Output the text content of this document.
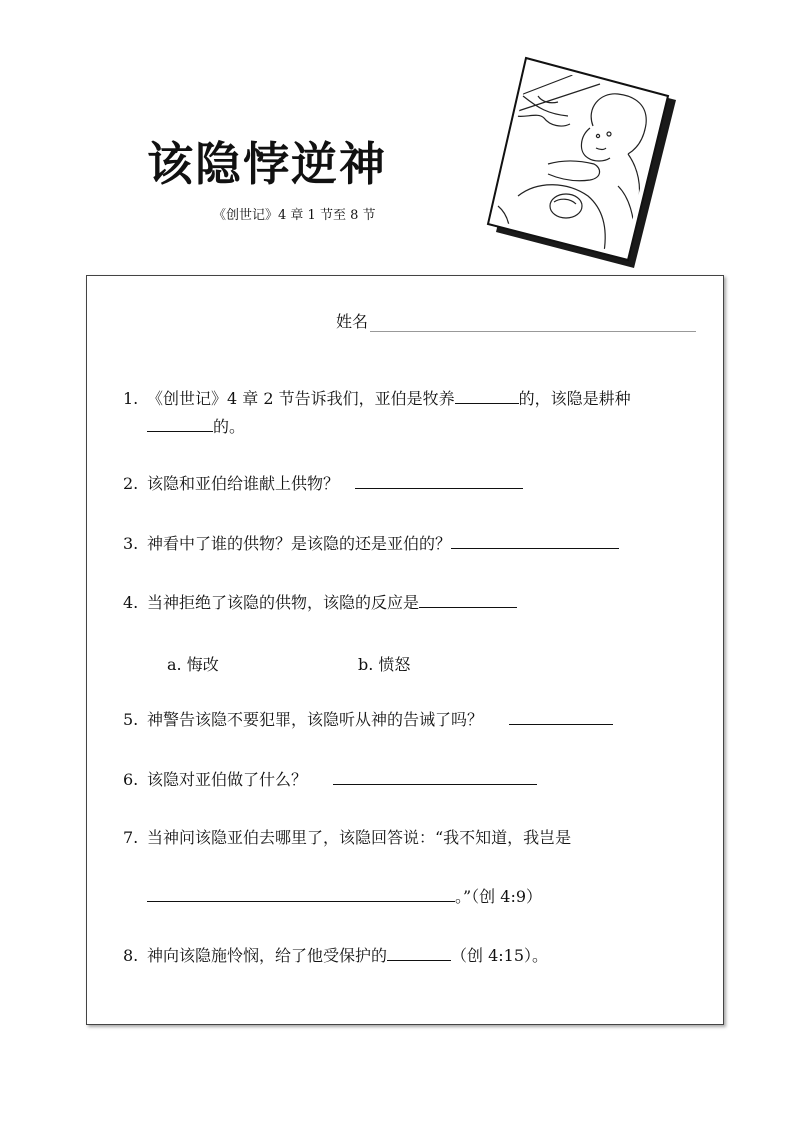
该隐悖逆神
《创世记》4 章 1 节至 8 节
姓名
1. 《创世记》4 章 2 节告诉我们，亚伯是牧养	的，该隐是耕种
的。
2. 该隐和亚伯给谁献上供物？
3. 神看中了谁的供物？是该隐的还是亚伯的？
4. 当神拒绝了该隐的供物，该隐的反应是
a. 悔改	b. 愤怒
5. 神警告该隐不要犯罪，该隐听从神的告诫了吗？
6. 该隐对亚伯做了什么？
7. 当神问该隐亚伯去哪里了，该隐回答说：“我不知道，我岂是
。”（创 4:9）
8. 神向该隐施怜悯，给了他受保护的	（创 4:15）。
